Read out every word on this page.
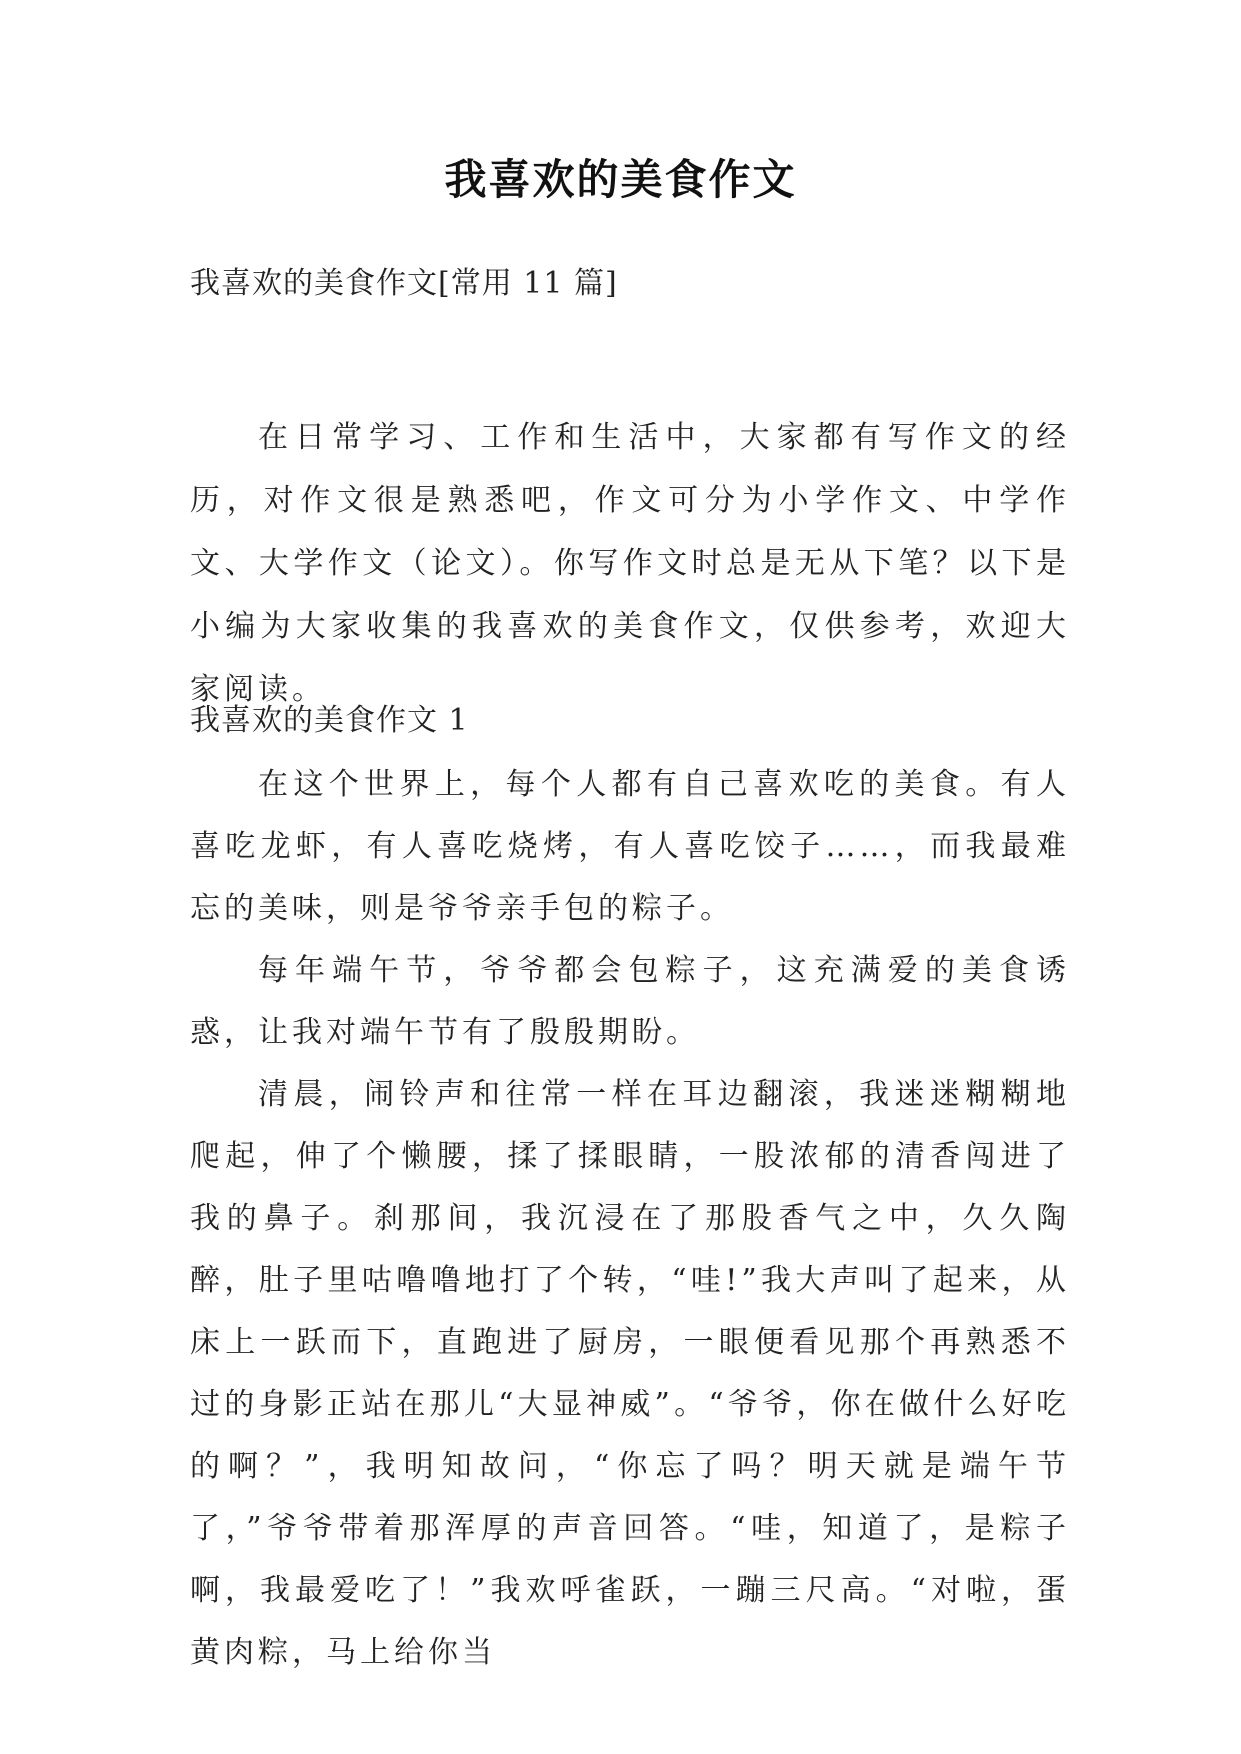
我喜欢的美食作文

我喜欢的美食作文[常用 11 篇]

在日常学习、工作和生活中，大家都有写作文的经历，对作文很是熟悉吧，作文可分为小学作文、中学作文、大学作文（论文）。你写作文时总是无从下笔？以下是小编为大家收集的我喜欢的美食作文，仅供参考，欢迎大家阅读。

我喜欢的美食作文 1

在这个世界上，每个人都有自己喜欢吃的美食。有人喜吃龙虾，有人喜吃烧烤，有人喜吃饺子……，而我最难忘的美味，则是爷爷亲手包的粽子。

每年端午节，爷爷都会包粽子，这充满爱的美食诱惑，让我对端午节有了殷殷期盼。

清晨，闹铃声和往常一样在耳边翻滚，我迷迷糊糊地爬起，伸了个懒腰，揉了揉眼睛，一股浓郁的清香闯进了我的鼻子。刹那间，我沉浸在了那股香气之中，久久陶醉，肚子里咕噜噜地打了个转，“哇!”我大声叫了起来，从床上一跃而下，直跑进了厨房，一眼便看见那个再熟悉不过的身影正站在那儿“大显神威”。“爷爷，你在做什么好吃的啊？”，我明知故问，“你忘了吗？明天就是端午节了，”爷爷带着那浑厚的声音回答。“哇，知道了，是粽子啊，我最爱吃了！”我欢呼雀跃，一蹦三尺高。“对啦，蛋黄肉粽，马上给你当
